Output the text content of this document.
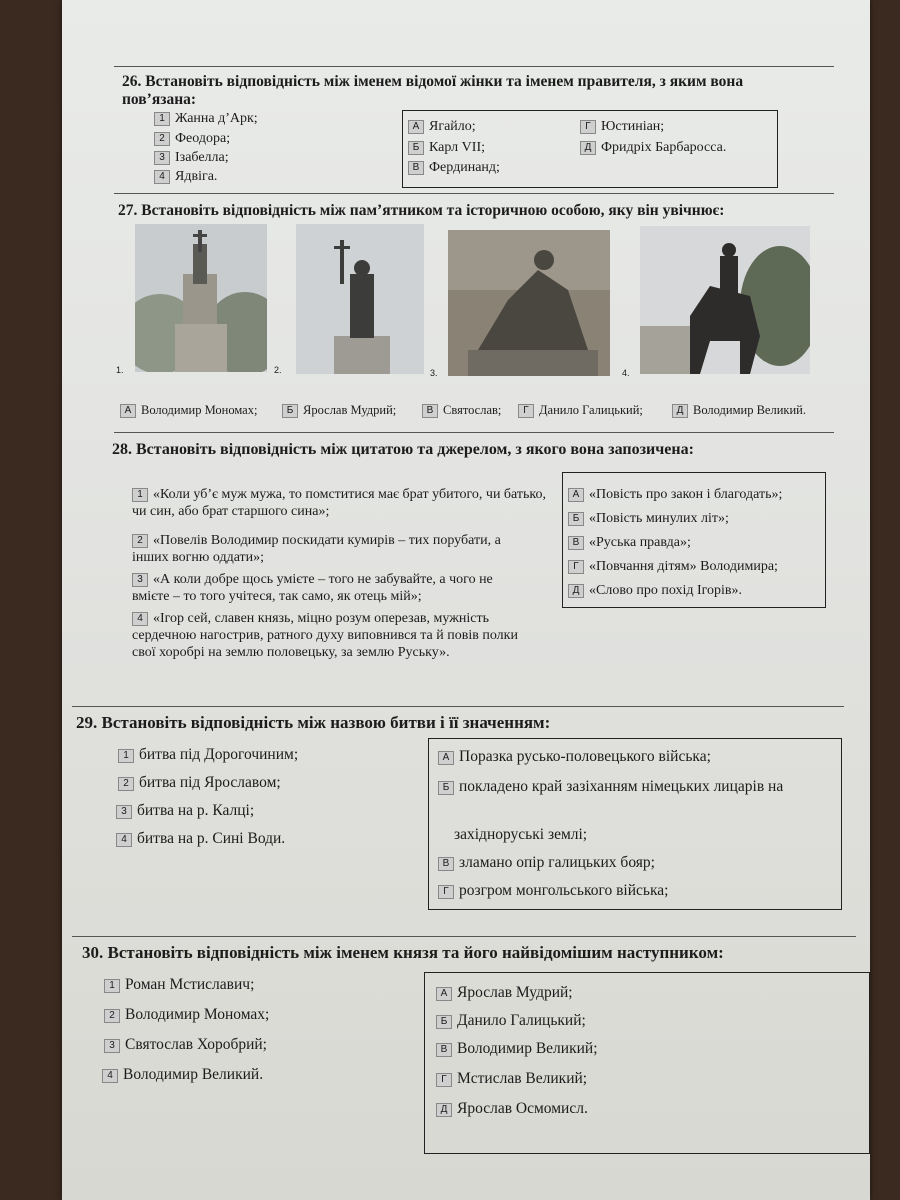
26. Встановіть відповідність між іменем відомої жінки та іменем правителя, з яким вона пов’язана:
1 Жанна д’Арк;
2 Феодора;
3 Ізабелла;
4 Ядвіга.
А Ягайло;
Б Карл VII;
В Фердинанд;
Г Юстиніан;
Д Фридріх Барбаросса.
27. Встановіть відповідність між пам’ятником та історичною особою, яку він увічнює:
1.	2.	3.	4.
А Володимир Мономах;	Б Ярослав Мудрий;	В Святослав;	Г Данило Галицький;	Д Володимир Великий.
28. Встановіть відповідність між цитатою та джерелом, з якого вона запозичена:
1 «Коли уб’є муж мужа, то помститися має брат убитого, чи батько, чи син, або брат старшого сина»;
2 «Повелів Володимир поскидати кумирів – тих порубати, а інших вогню оддати»;
3 «А коли добре щось умієте – того не забувайте, а чого не вмієте – то того учітеся, так само, як отець мій»;
4 «Ігор сей, славен князь, міцно розум оперезав, мужність сердечною нагострив, ратного духу виповнився та й повів полки свої хоробрі на землю половецьку, за землю Руську».
А «Повість про закон і благодать»;
Б «Повість минулих літ»;
В «Руська правда»;
Г «Повчання дітям» Володимира;
Д «Слово про похід Ігорів».
29. Встановіть відповідність між назвою битви і її значенням:
1 битва під Дорогочиним;
2 битва під Ярославом;
3 битва на р. Калці;
4 битва на р. Сині Води.
А Поразка русько-половецького війська;
Б покладено край зазіханням німецьких лицарів на
західноруські землі;
В зламано опір галицьких бояр;
Г розгром монгольського війська;
30. Встановіть відповідність між іменем князя та його найвідомішим наступником:
1 Роман Мстиславич;
2 Володимир Мономах;
3 Святослав Хоробрий;
4 Володимир Великий.
А Ярослав Мудрий;
Б Данило Галицький;
В Володимир Великий;
Г Мстислав Великий;
Д Ярослав Осмомисл.
